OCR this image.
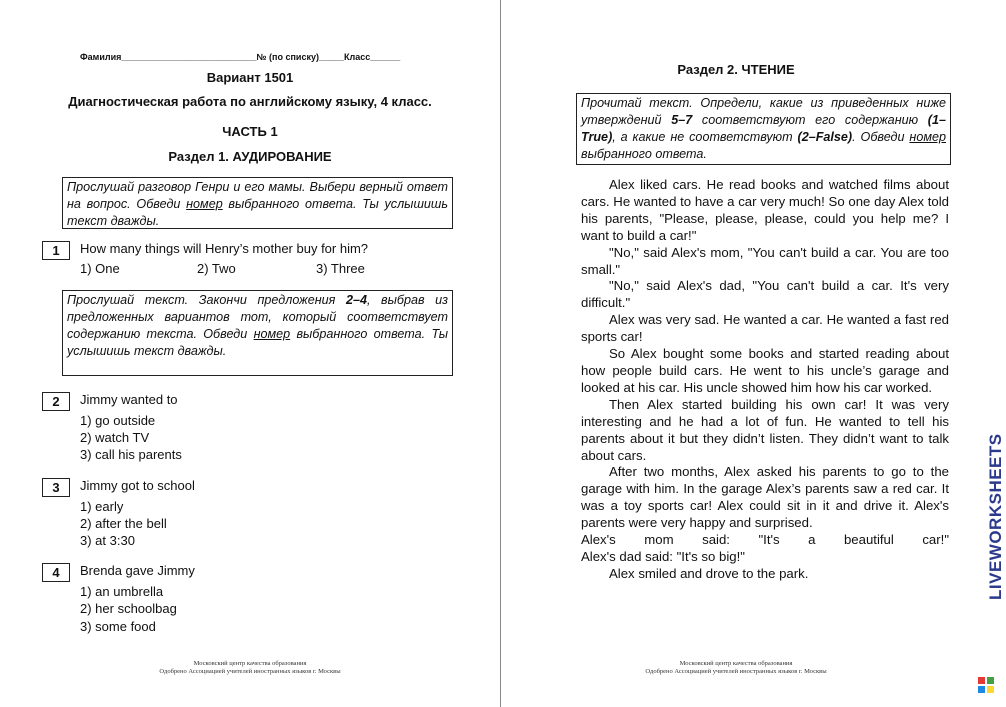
Фамилия___________________________№ (по списку)_____Класс______
Вариант 1501
Диагностическая работа по английскому языку, 4 класс.
ЧАСТЬ 1
Раздел 1. АУДИРОВАНИЕ
Прослушай разговор Генри и его мамы. Выбери верный ответ на вопрос. Обведи номер выбранного ответа. Ты услышишь текст дважды.
1	How many things will Henry’s mother buy for him?
1) One	2) Two	3) Three
Прослушай текст. Закончи предложения 2–4, выбрав из предложенных вариантов тот, который соответствует содержанию текста. Обведи номер выбранного ответа. Ты услышишь текст дважды.
2	Jimmy wanted to
1) go outside
2) watch TV
3) call his parents
3	Jimmy got to school
1) early
2) after the bell
3) at 3:30
4	Brenda gave Jimmy
1) an umbrella
2) her schoolbag
3) some food
Московский центр качества образования
Одобрено Ассоциацией учителей иностранных языков г. Москвы
Раздел 2. ЧТЕНИЕ
Прочитай текст. Определи, какие из приведенных ниже утверждений 5–7 соответствуют его содержанию (1–True), а какие не соответствуют (2–False). Обведи номер выбранного ответа.

Alex liked cars. He read books and watched films about cars. He wanted to have a car very much! So one day Alex told his parents, "Please, please, please, could you help me? I want to build a car!"

"No," said Alex's mom, "You can't build a car. You are too small."

"No," said Alex's dad, "You can't build a car. It's very difficult."

Alex was very sad. He wanted a car. He wanted a fast red sports car!

So Alex bought some books and started reading about how people build cars. He went to his uncle’s garage and looked at his car. His uncle showed him how his car worked.

Then Alex started building his own car! It was very interesting and he had a lot of fun. He wanted to tell his parents about it but they didn’t listen. They didn’t want to talk about cars.

After two months, Alex asked his parents to go to the garage with him. In the garage Alex’s parents saw a red car. It was a toy sports car! Alex could sit in it and drive it. Alex's parents were very happy and surprised.

Alex's mom said: "It's a beautiful car!"

Alex's dad said: "It's so big!"

Alex smiled and drove to the park.

Московский центр качества образования
Одобрено Ассоциацией учителей иностранных языков г. Москвы
LIVEWORKSHEETS
